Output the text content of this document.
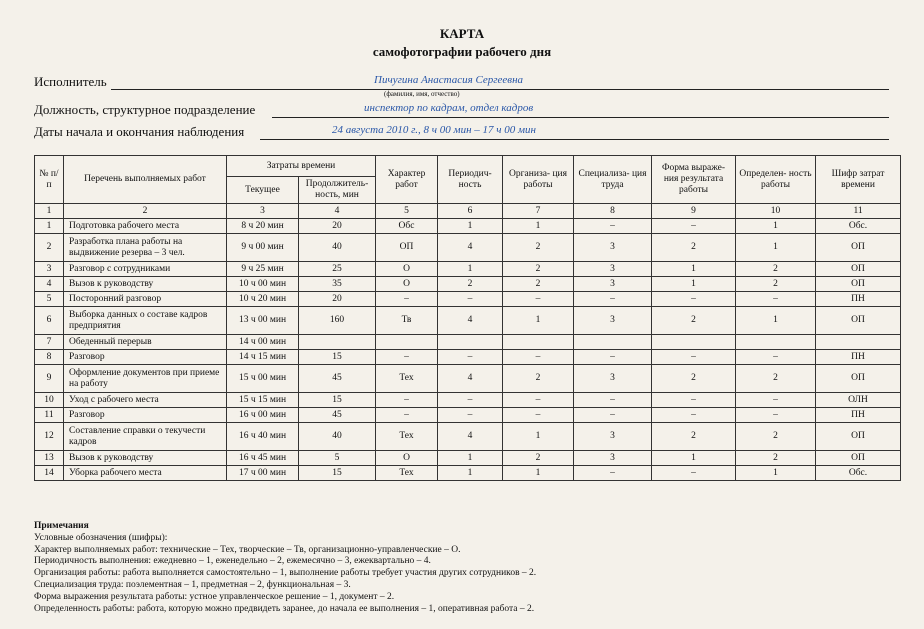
КАРТА
самофотографии рабочего дня
Исполнитель	Пичугина Анастасия Сергеевна
(фамилия, имя, отчество)
Должность, структурное подразделение	инспектор по кадрам, отдел кадров
Даты начала и окончания наблюдения	24 августа 2010 г., 8 ч 00 мин – 17 ч 00 мин
№ п/п	Перечень выполняемых работ	Затраты времени		Характер работ	Периодич- ность	Организа- ция работы	Специализа- ция труда	Форма выраже- ния результата работы	Определен- ность работы	Шифр затрат времени
		Текущее	Продолжитель- ность, мин							
1	2	3	4	5	6	7	8	9	10	11
1	Подготовка рабочего места	8 ч 20 мин	20	Обс	1	1	–	–	1	Обс.
2	Разработка плана работы на выдвижение резерва – 3 чел.	9 ч 00 мин	40	ОП	4	2	3	2	1	ОП
3	Разговор с сотрудниками	9 ч 25 мин	25	О	1	2	3	1	2	ОП
4	Вызов к руководству	10 ч 00 мин	35	О	2	2	3	1	2	ОП
5	Посторонний разговор	10 ч 20 мин	20	–	–	–	–	–	–	ПН
6	Выборка данных о составе кадров предприятия	13 ч 00 мин	160	Тв	4	1	3	2	1	ОП
7	Обеденный перерыв	14 ч 00 мин								
8	Разговор	14 ч 15 мин	15	–	–	–	–	–	–	ПН
9	Оформление документов при приеме на работу	15 ч 00 мин	45	Тех	4	2	3	2	2	ОП
10	Уход с рабочего места	15 ч 15 мин	15	–	–	–	–	–	–	ОЛН
11	Разговор	16 ч 00 мин	45	–	–	–	–	–	–	ПН
12	Составление справки о текучести кадров	16 ч 40 мин	40	Тех	4	1	3	2	2	ОП
13	Вызов к руководству	16 ч 45 мин	5	О	1	2	3	1	2	ОП
14	Уборка рабочего места	17 ч 00 мин	15	Тех	1	1	–	–	1	Обс.
Примечания
Условные обозначения (шифры):
Характер выполняемых работ: технические – Тех, творческие – Тв, организационно-управленческие – О.
Периодичность выполнения: ежедневно – 1, еженедельно – 2, ежемесячно – 3, ежеквартально – 4.
Организация работы: работа выполняется самостоятельно – 1, выполнение работы требует участия других сотрудников – 2.
Специализация труда: поэлементная – 1, предметная – 2, функциональная – 3.
Форма выражения результата работы: устное управленческое решение – 1, документ – 2.
Определенность работы: работа, которую можно предвидеть заранее, до начала ее выполнения – 1, оперативная работа – 2.
